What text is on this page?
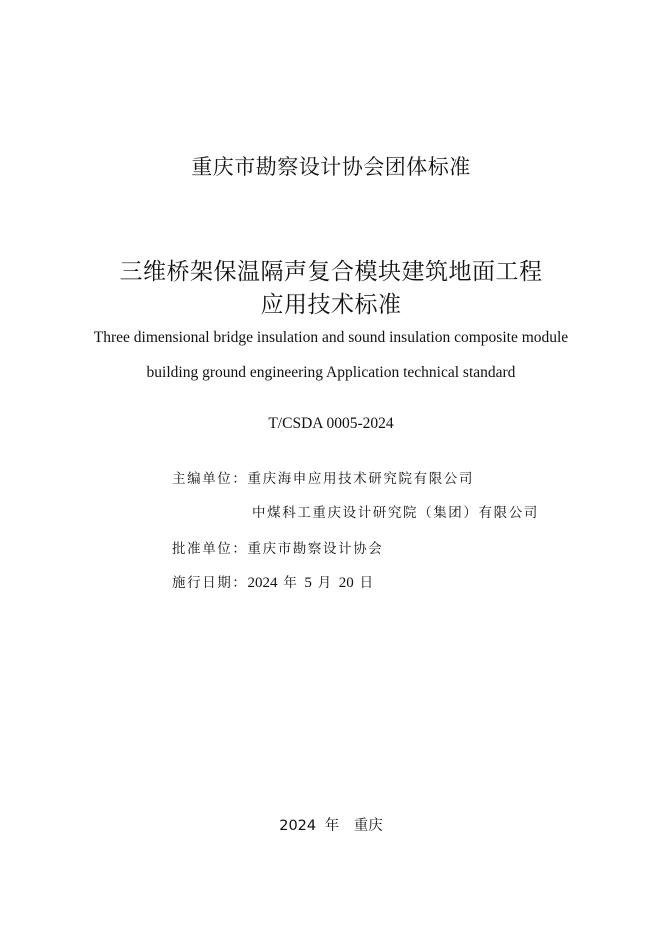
重庆市勘察设计协会团体标准
三维桥架保温隔声复合模块建筑地面工程
应用技术标准
Three dimensional bridge insulation and sound insulation composite module
building ground engineering Application technical standard
T/CSDA 0005-2024
主编单位：重庆海申应用技术研究院有限公司
中煤科工重庆设计研究院（集团）有限公司
批准单位：重庆市勘察设计协会
施行日期：2024 年 5 月 20 日
2024 年　重庆
